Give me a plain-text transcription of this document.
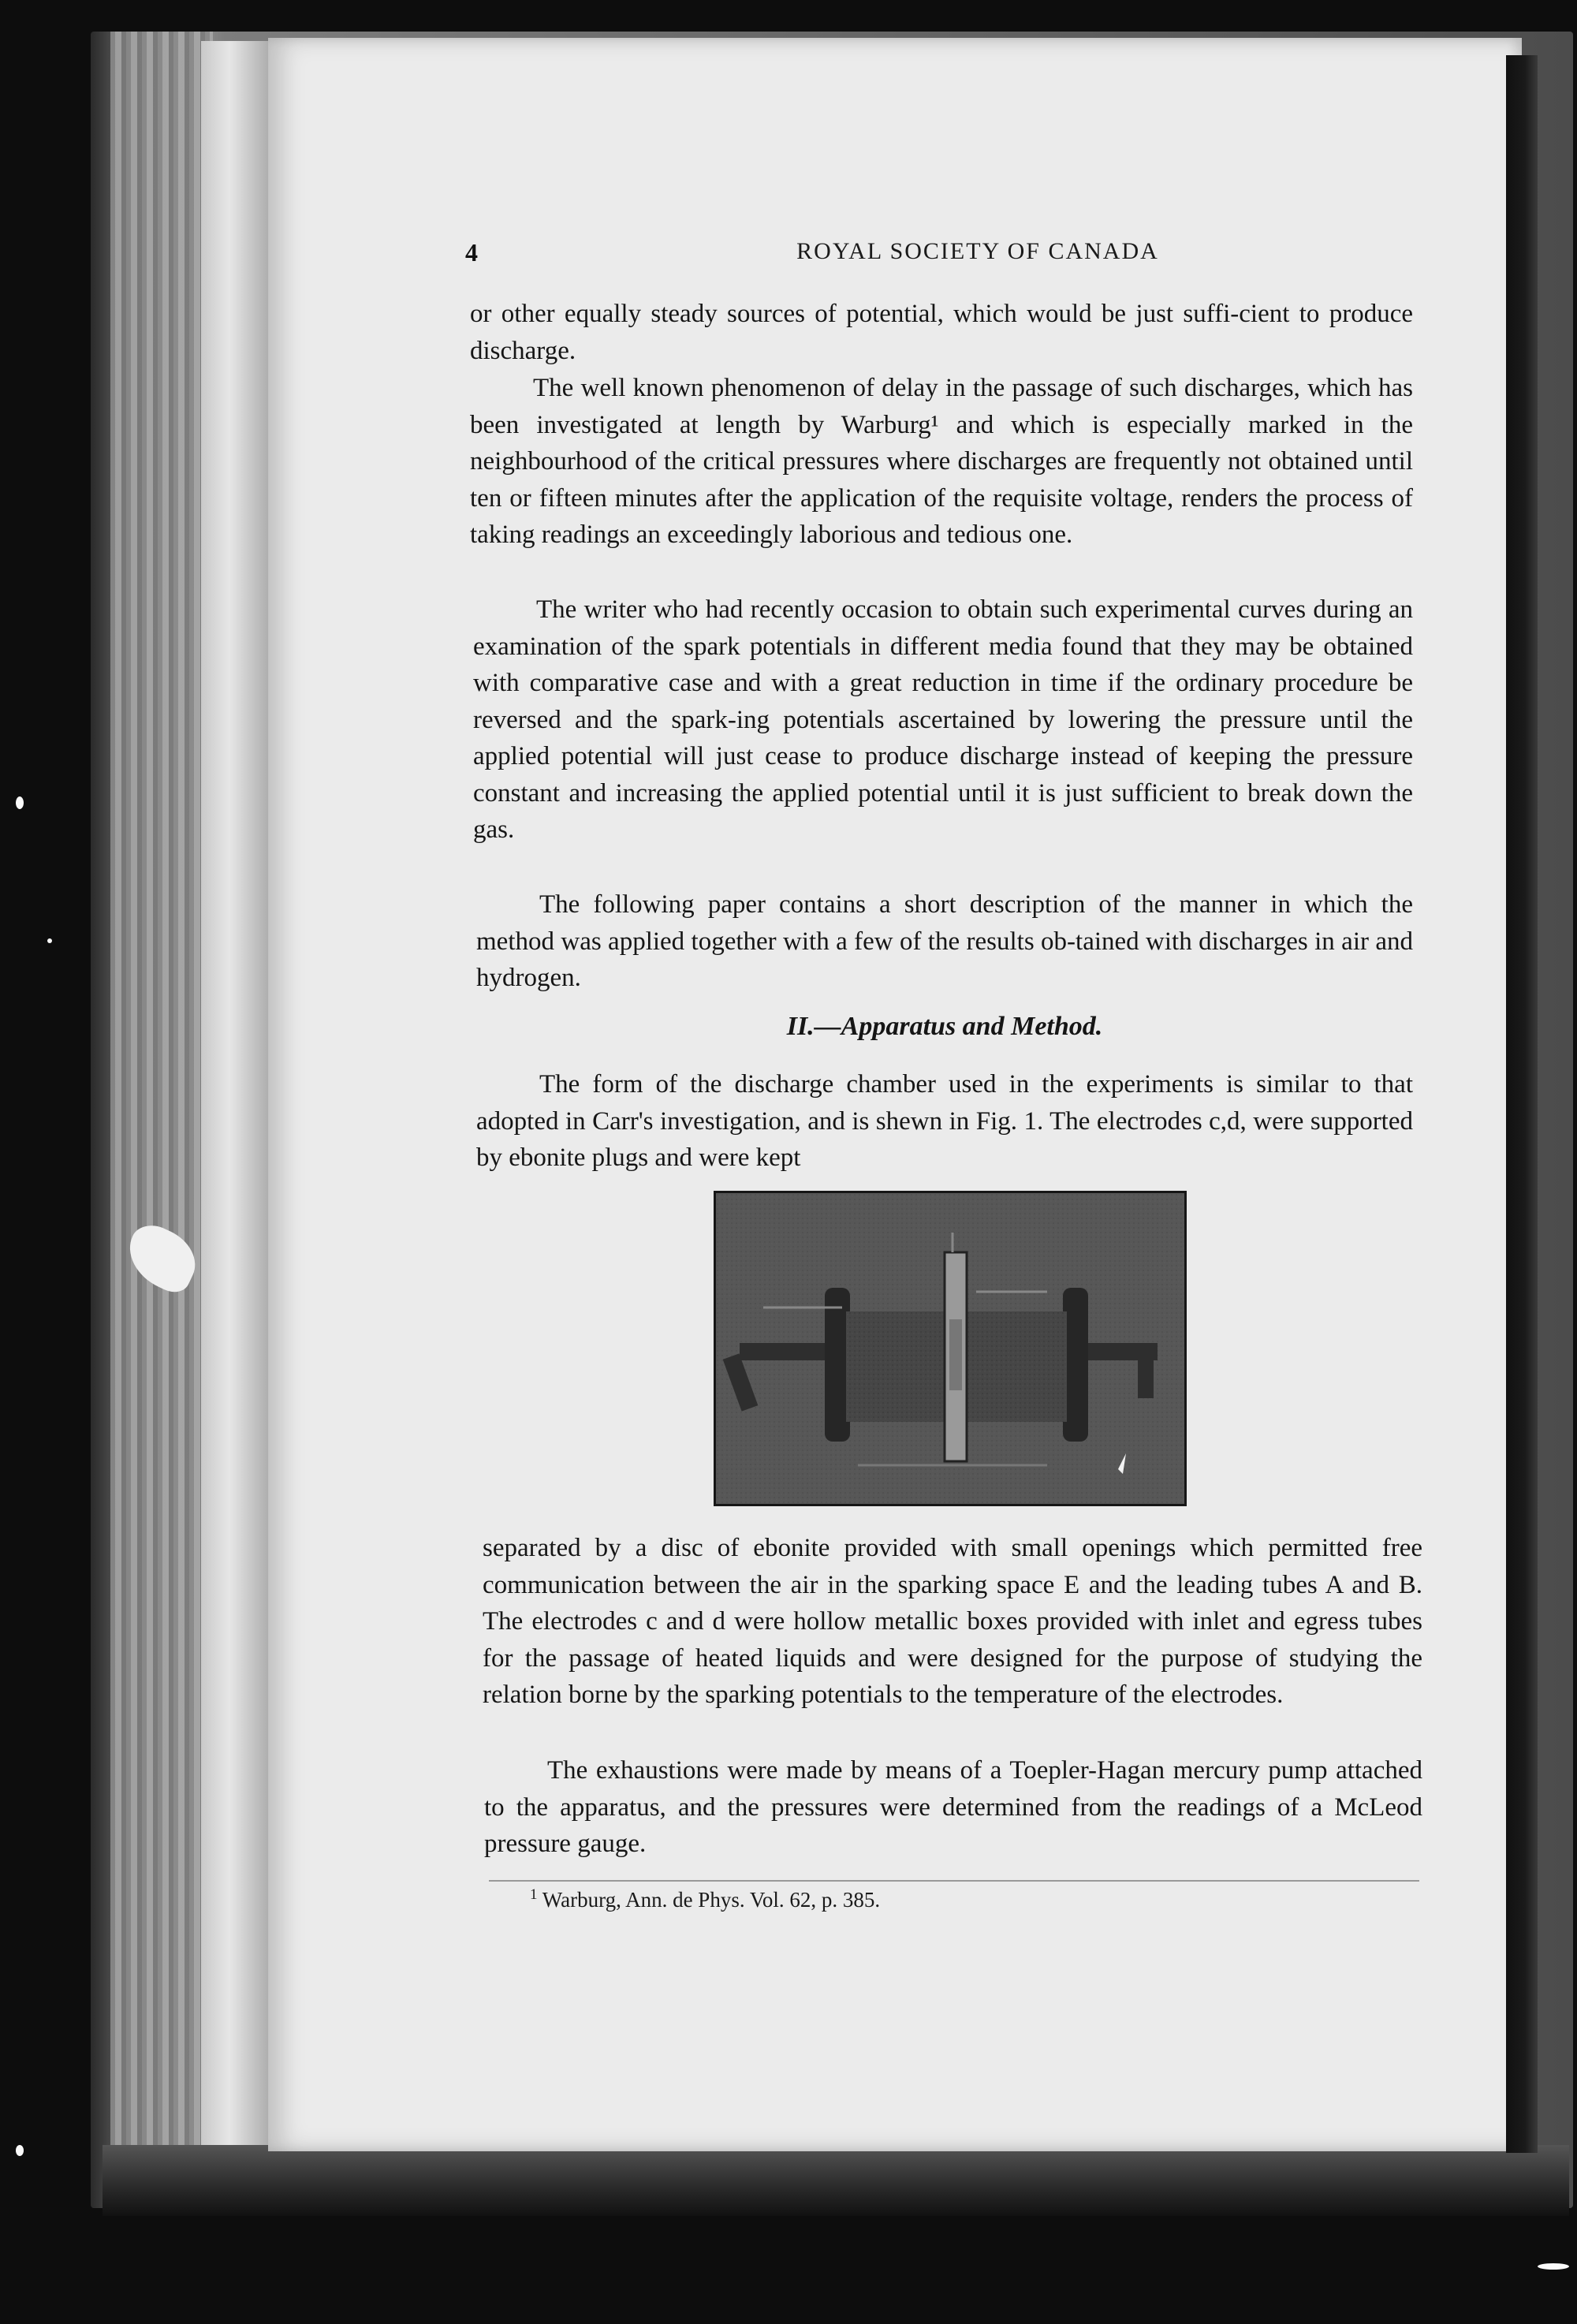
4	ROYAL SOCIETY OF CANADA

or other equally steady sources of potential, which would be just suffi-cient to produce discharge.

The well known phenomenon of delay in the passage of such discharges, which has been investigated at length by Warburg¹ and which is especially marked in the neighbourhood of the critical pressures where discharges are frequently not obtained until ten or fifteen minutes after the application of the requisite voltage, renders the process of taking readings an exceedingly laborious and tedious one.

The writer who had recently occasion to obtain such experimental curves during an examination of the spark potentials in different media found that they may be obtained with comparative case and with a great reduction in time if the ordinary procedure be reversed and the spark-ing potentials ascertained by lowering the pressure until the applied potential will just cease to produce discharge instead of keeping the pressure constant and increasing the applied potential until it is just sufficient to break down the gas.

The following paper contains a short description of the manner in which the method was applied together with a few of the results ob-tained with discharges in air and hydrogen.

II.—Apparatus and Method.

The form of the discharge chamber used in the experiments is similar to that adopted in Carr's investigation, and is shewn in Fig. 1. The electrodes c,d, were supported by ebonite plugs and were kept

separated by a disc of ebonite provided with small openings which permitted free communication between the air in the sparking space E and the leading tubes A and B. The electrodes c and d were hollow metallic boxes provided with inlet and egress tubes for the passage of heated liquids and were designed for the purpose of studying the relation borne by the sparking potentials to the temperature of the electrodes.

The exhaustions were made by means of a Toepler-Hagan mercury pump attached to the apparatus, and the pressures were determined from the readings of a McLeod pressure gauge.

$^1$ Warburg, Ann. de Phys. Vol. 62, p. 385.
